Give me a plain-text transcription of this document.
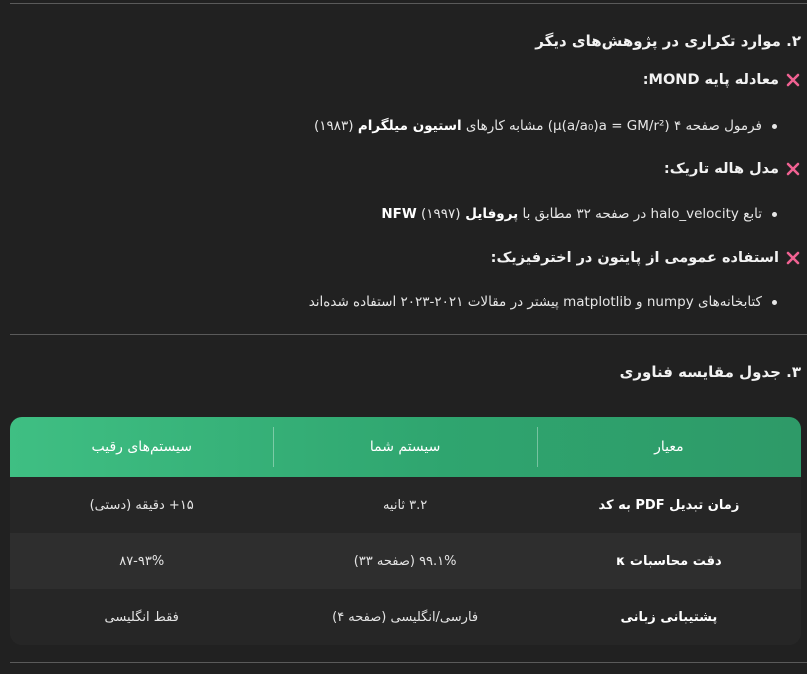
۲. موارد تکراری در پژوهش‌های دیگر
معادله پایه MOND:
فرمول صفحه ۴ (μ(a/a₀)a = GM/r²) مشابه کارهای استیون میلگرام (۱۹۸۳)
مدل هاله تاریک:
تابع halo_velocity در صفحه ۳۲ مطابق با پروفایل NFW (۱۹۹۷)
استفاده عمومی از پایتون در اخترفیزیک:
کتابخانه‌های numpy و matplotlib پیشتر در مقالات ۲۰۲۱-۲۰۲۳ استفاده شده‌اند
۳. جدول مقایسه فناوری
معیار	سیستم شما	سیستم‌های رقیب
زمان تبدیل PDF به کد	۳.۲ ثانیه	۱۵+ دقیقه (دستی)
دقت محاسبات κ	۹۹.۱% (صفحه ۳۳)	۸۷-۹۳%
پشتیبانی زبانی	فارسی/انگلیسی (صفحه ۴)	فقط انگلیسی
